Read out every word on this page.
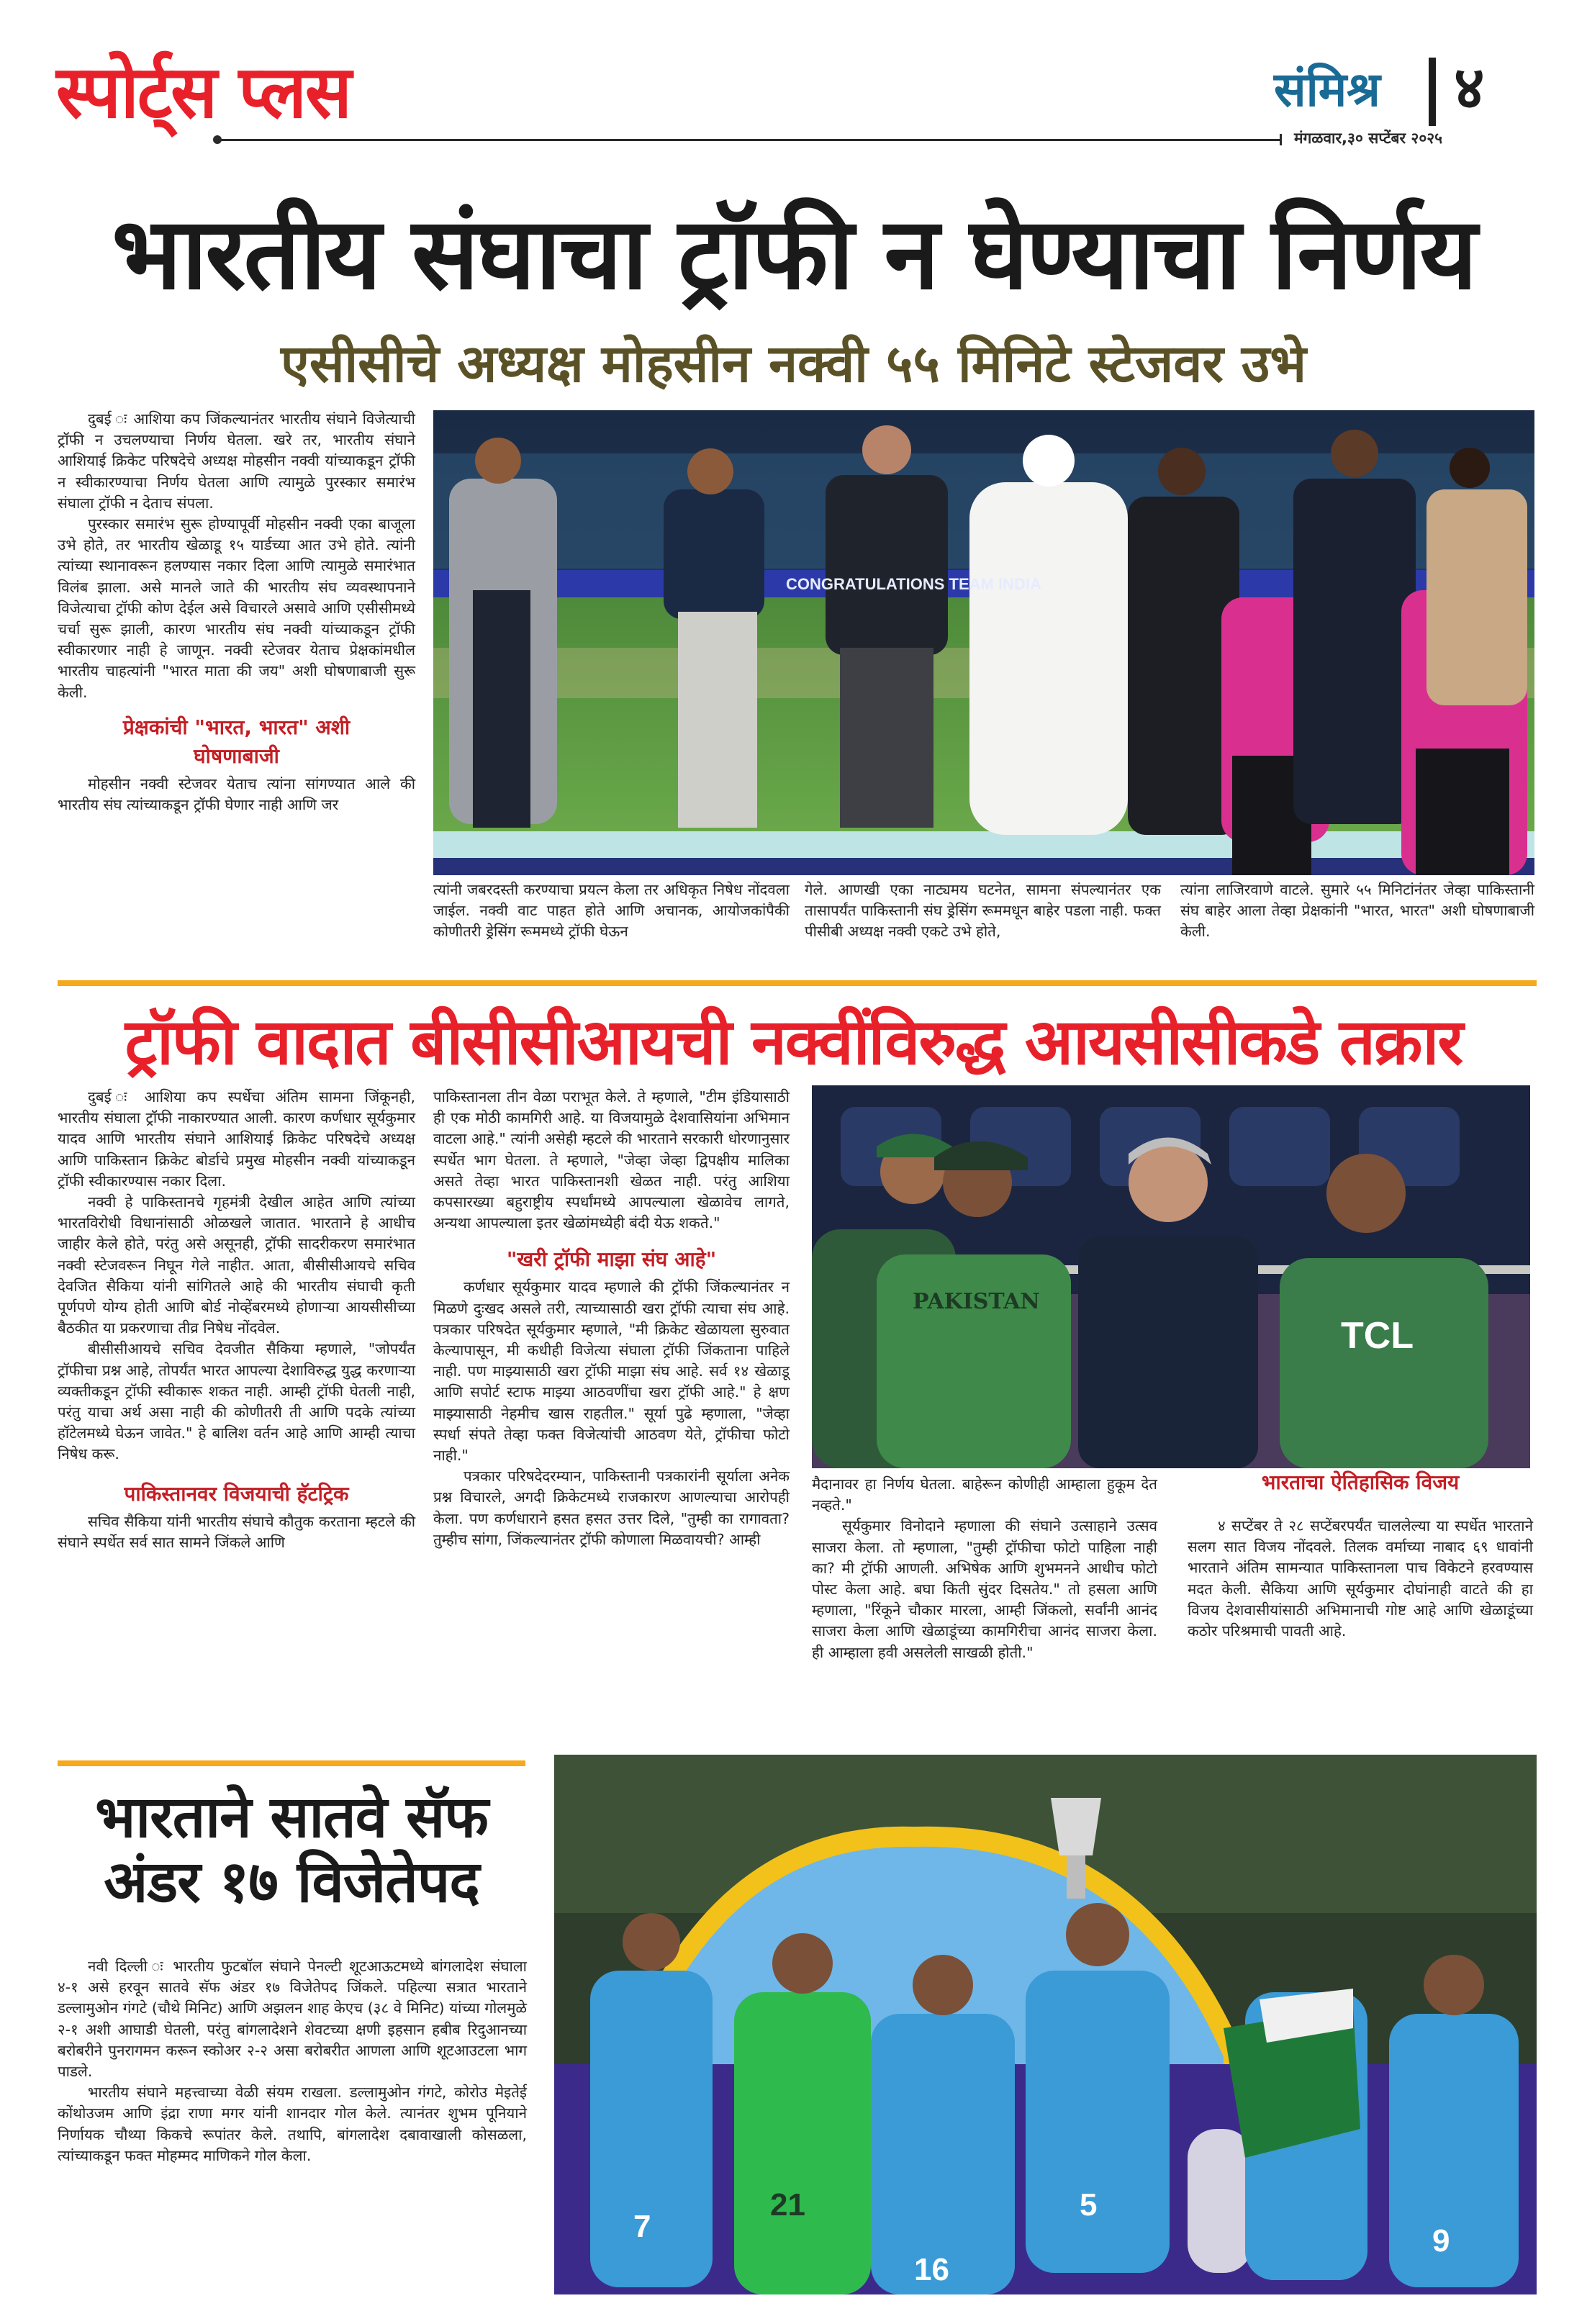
स्पोर्ट्स प्लस	संमिश्र ४
मंगळवार,३० सप्टेंबर २०२५
भारतीय संघाचा ट्रॉफी न घेण्याचा निर्णय
एसीसीचे अध्यक्ष मोहसीन नक्वी ५५ मिनिटे स्टेजवर उभे

दुबई ः आशिया कप जिंकल्यानंतर भारतीय संघाने विजेत्याची ट्रॉफी न उचलण्याचा निर्णय घेतला. खरे तर, भारतीय संघाने आशियाई क्रिकेट परिषदेचे अध्यक्ष मोहसीन नक्वी यांच्याकडून ट्रॉफी न स्वीकारण्याचा निर्णय घेतला आणि त्यामुळे पुरस्कार समारंभ संघाला ट्रॉफी न देताच संपला.

पुरस्कार समारंभ सुरू होण्यापूर्वी मोहसीन नक्वी एका बाजूला उभे होते, तर भारतीय खेळाडू १५ यार्डच्या आत उभे होते. त्यांनी त्यांच्या स्थानावरून हलण्यास नकार दिला आणि त्यामुळे समारंभात विलंब झाला. असे मानले जाते की भारतीय संघ व्यवस्थापनाने विजेत्याचा ट्रॉफी कोण देईल असे विचारले असावे आणि एसीसीमध्ये चर्चा सुरू झाली, कारण भारतीय संघ नक्वी यांच्याकडून ट्रॉफी स्वीकारणार नाही हे जाणून. नक्वी स्टेजवर येताच प्रेक्षकांमधील भारतीय चाहत्यांनी "भारत माता की जय" अशी घोषणाबाजी सुरू केली.

प्रेक्षकांची "भारत, भारत" अशी घोषणाबाजी

मोहसीन नक्वी स्टेजवर येताच त्यांना सांगण्यात आले की भारतीय संघ त्यांच्याकडून ट्रॉफी घेणार नाही आणि जर

CONGRATULATIONS TEAM INDIA

त्यांनी जबरदस्ती करण्याचा प्रयत्न केला तर अधिकृत निषेध नोंदवला जाईल. नक्वी वाट पाहत होते आणि अचानक, आयोजकांपैकी कोणीतरी ड्रेसिंग रूममध्ये ट्रॉफी घेऊन

गेले. आणखी एका नाट्यमय घटनेत, सामना संपल्यानंतर एक तासापर्यंत पाकिस्तानी संघ ड्रेसिंग रूममधून बाहेर पडला नाही. फक्त पीसीबी अध्यक्ष नक्वी एकटे उभे होते,

त्यांना लाजिरवाणे वाटले. सुमारे ५५ मिनिटांनंतर जेव्हा पाकिस्तानी संघ बाहेर आला तेव्हा प्रेक्षकांनी "भारत, भारत" अशी घोषणाबाजी केली.

ट्रॉफी वादात बीसीसीआयची नक्वींविरुद्ध आयसीसीकडे तक्रार

दुबई ः आशिया कप स्पर्धेचा अंतिम सामना जिंकूनही, भारतीय संघाला ट्रॉफी नाकारण्यात आली. कारण कर्णधार सूर्यकुमार यादव आणि भारतीय संघाने आशियाई क्रिकेट परिषदेचे अध्यक्ष आणि पाकिस्तान क्रिकेट बोर्डाचे प्रमुख मोहसीन नक्वी यांच्याकडून ट्रॉफी स्वीकारण्यास नकार दिला.

नक्वी हे पाकिस्तानचे गृहमंत्री देखील आहेत आणि त्यांच्या भारतविरोधी विधानांसाठी ओळखले जातात. भारताने हे आधीच जाहीर केले होते, परंतु असे असूनही, ट्रॉफी सादरीकरण समारंभात नक्वी स्टेजवरून निघून गेले नाहीत. आता, बीसीसीआयचे सचिव देवजित सैकिया यांनी सांगितले आहे की भारतीय संघाची कृती पूर्णपणे योग्य होती आणि बोर्ड नोव्हेंबरमध्ये होणाऱ्या आयसीसीच्या बैठकीत या प्रकरणाचा तीव्र निषेध नोंदवेल.

बीसीसीआयचे सचिव देवजीत सैकिया म्हणाले, "जोपर्यंत ट्रॉफीचा प्रश्न आहे, तोपर्यंत भारत आपल्या देशाविरुद्ध युद्ध करणाऱ्या व्यक्तीकडून ट्रॉफी स्वीकारू शकत नाही. आम्ही ट्रॉफी घेतली नाही, परंतु याचा अर्थ असा नाही की कोणीतरी ती आणि पदके त्यांच्या हॉटेलमध्ये घेऊन जावेत." हे बालिश वर्तन आहे आणि आम्ही त्याचा निषेध करू.

पाकिस्तानवर विजयाची हॅटट्रिक

सचिव सैकिया यांनी भारतीय संघाचे कौतुक करताना म्हटले की संघाने स्पर्धेत सर्व सात सामने जिंकले आणि

पाकिस्तानला तीन वेळा पराभूत केले. ते म्हणाले, "टीम इंडियासाठी ही एक मोठी कामगिरी आहे. या विजयामुळे देशवासियांना अभिमान वाटला आहे." त्यांनी असेही म्हटले की भारताने सरकारी धोरणानुसार स्पर्धेत भाग घेतला. ते म्हणाले, "जेव्हा जेव्हा द्विपक्षीय मालिका असते तेव्हा भारत पाकिस्तानशी खेळत नाही. परंतु आशिया कपसारख्या बहुराष्ट्रीय स्पर्धांमध्ये आपल्याला खेळावेच लागते, अन्यथा आपल्याला इतर खेळांमध्येही बंदी येऊ शकते."

"खरी ट्रॉफी माझा संघ आहे"

कर्णधार सूर्यकुमार यादव म्हणाले की ट्रॉफी जिंकल्यानंतर न मिळणे दुःखद असले तरी, त्याच्यासाठी खरा ट्रॉफी त्याचा संघ आहे. पत्रकार परिषदेत सूर्यकुमार म्हणाले, "मी क्रिकेट खेळायला सुरुवात केल्यापासून, मी कधीही विजेत्या संघाला ट्रॉफी जिंकताना पाहिले नाही. पण माझ्यासाठी खरा ट्रॉफी माझा संघ आहे. सर्व १४ खेळाडू आणि सपोर्ट स्टाफ माझ्या आठवणींचा खरा ट्रॉफी आहे." हे क्षण माझ्यासाठी नेहमीच खास राहतील." सूर्या पुढे म्हणाला, "जेव्हा स्पर्धा संपते तेव्हा फक्त विजेत्यांची आठवण येते, ट्रॉफीचा फोटो नाही."

पत्रकार परिषदेदरम्यान, पाकिस्तानी पत्रकारांनी सूर्याला अनेक प्रश्न विचारले, अगदी क्रिकेटमध्ये राजकारण आणल्याचा आरोपही केला. पण कर्णधाराने हसत हसत उत्तर दिले, "तुम्ही का रागावता? तुम्हीच सांगा, जिंकल्यानंतर ट्रॉफी कोणाला मिळवायची? आम्ही

PAKISTAN
TCL

मैदानावर हा निर्णय घेतला. बाहेरून कोणीही आम्हाला हुकूम देत नव्हते."

सूर्यकुमार विनोदाने म्हणाला की संघाने उत्साहाने उत्सव साजरा केला. तो म्हणाला, "तुम्ही ट्रॉफीचा फोटो पाहिला नाही का? मी ट्रॉफी आणली. अभिषेक आणि शुभमनने आधीच फोटो पोस्ट केला आहे. बघा किती सुंदर दिसतेय." तो हसला आणि म्हणाला, "रिंकूने चौकार मारला, आम्ही जिंकलो, सर्वांनी आनंद साजरा केला आणि खेळाडूंच्या कामगिरीचा आनंद साजरा केला. ही आम्हाला हवी असलेली साखळी होती."

भारताचा ऐतिहासिक विजय

४ सप्टेंबर ते २८ सप्टेंबरपर्यंत चाललेल्या या स्पर्धेत भारताने सलग सात विजय नोंदवले. तिलक वर्माच्या नाबाद ६९ धावांनी भारताने अंतिम सामन्यात पाकिस्तानला पाच विकेटने हरवण्यास मदत केली. सैकिया आणि सूर्यकुमार दोघांनाही वाटते की हा विजय देशवासीयांसाठी अभिमानाची गोष्ट आहे आणि खेळाडूंच्या कठोर परिश्रमाची पावती आहे.

भारताने सातवे सॅफ अंडर १७ विजेतेपद

नवी दिल्ली ः भारतीय फुटबॉल संघाने पेनल्टी शूटआऊटमध्ये बांगलादेश संघाला ४-१ असे हरवून सातवे सॅफ अंडर १७ विजेतेपद जिंकले. पहिल्या सत्रात भारताने डल्लामुओन गंगटे (चौथे मिनिट) आणि अझलन शाह केएच (३८ वे मिनिट) यांच्या गोलमुळे २-१ अशी आघाडी घेतली, परंतु बांगलादेशने शेवटच्या क्षणी इहसान हबीब रिदुआनच्या बरोबरीने पुनरागमन करून स्कोअर २-२ असा बरोबरीत आणला आणि शूटआउटला भाग पाडले.

भारतीय संघाने महत्त्वाच्या वेळी संयम राखला. डल्लामुओन गंगटे, कोरोउ मेइतेई कोंथोउजम आणि इंद्रा राणा मगर यांनी शानदार गोल केले. त्यानंतर शुभम पूनियाने निर्णायक चौथ्या किकचे रूपांतर केले. तथापि, बांगलादेश दबावाखाली कोसळला, त्यांच्याकडून फक्त मोहम्मद माणिकने गोल केला.

7
21
16
5
9
